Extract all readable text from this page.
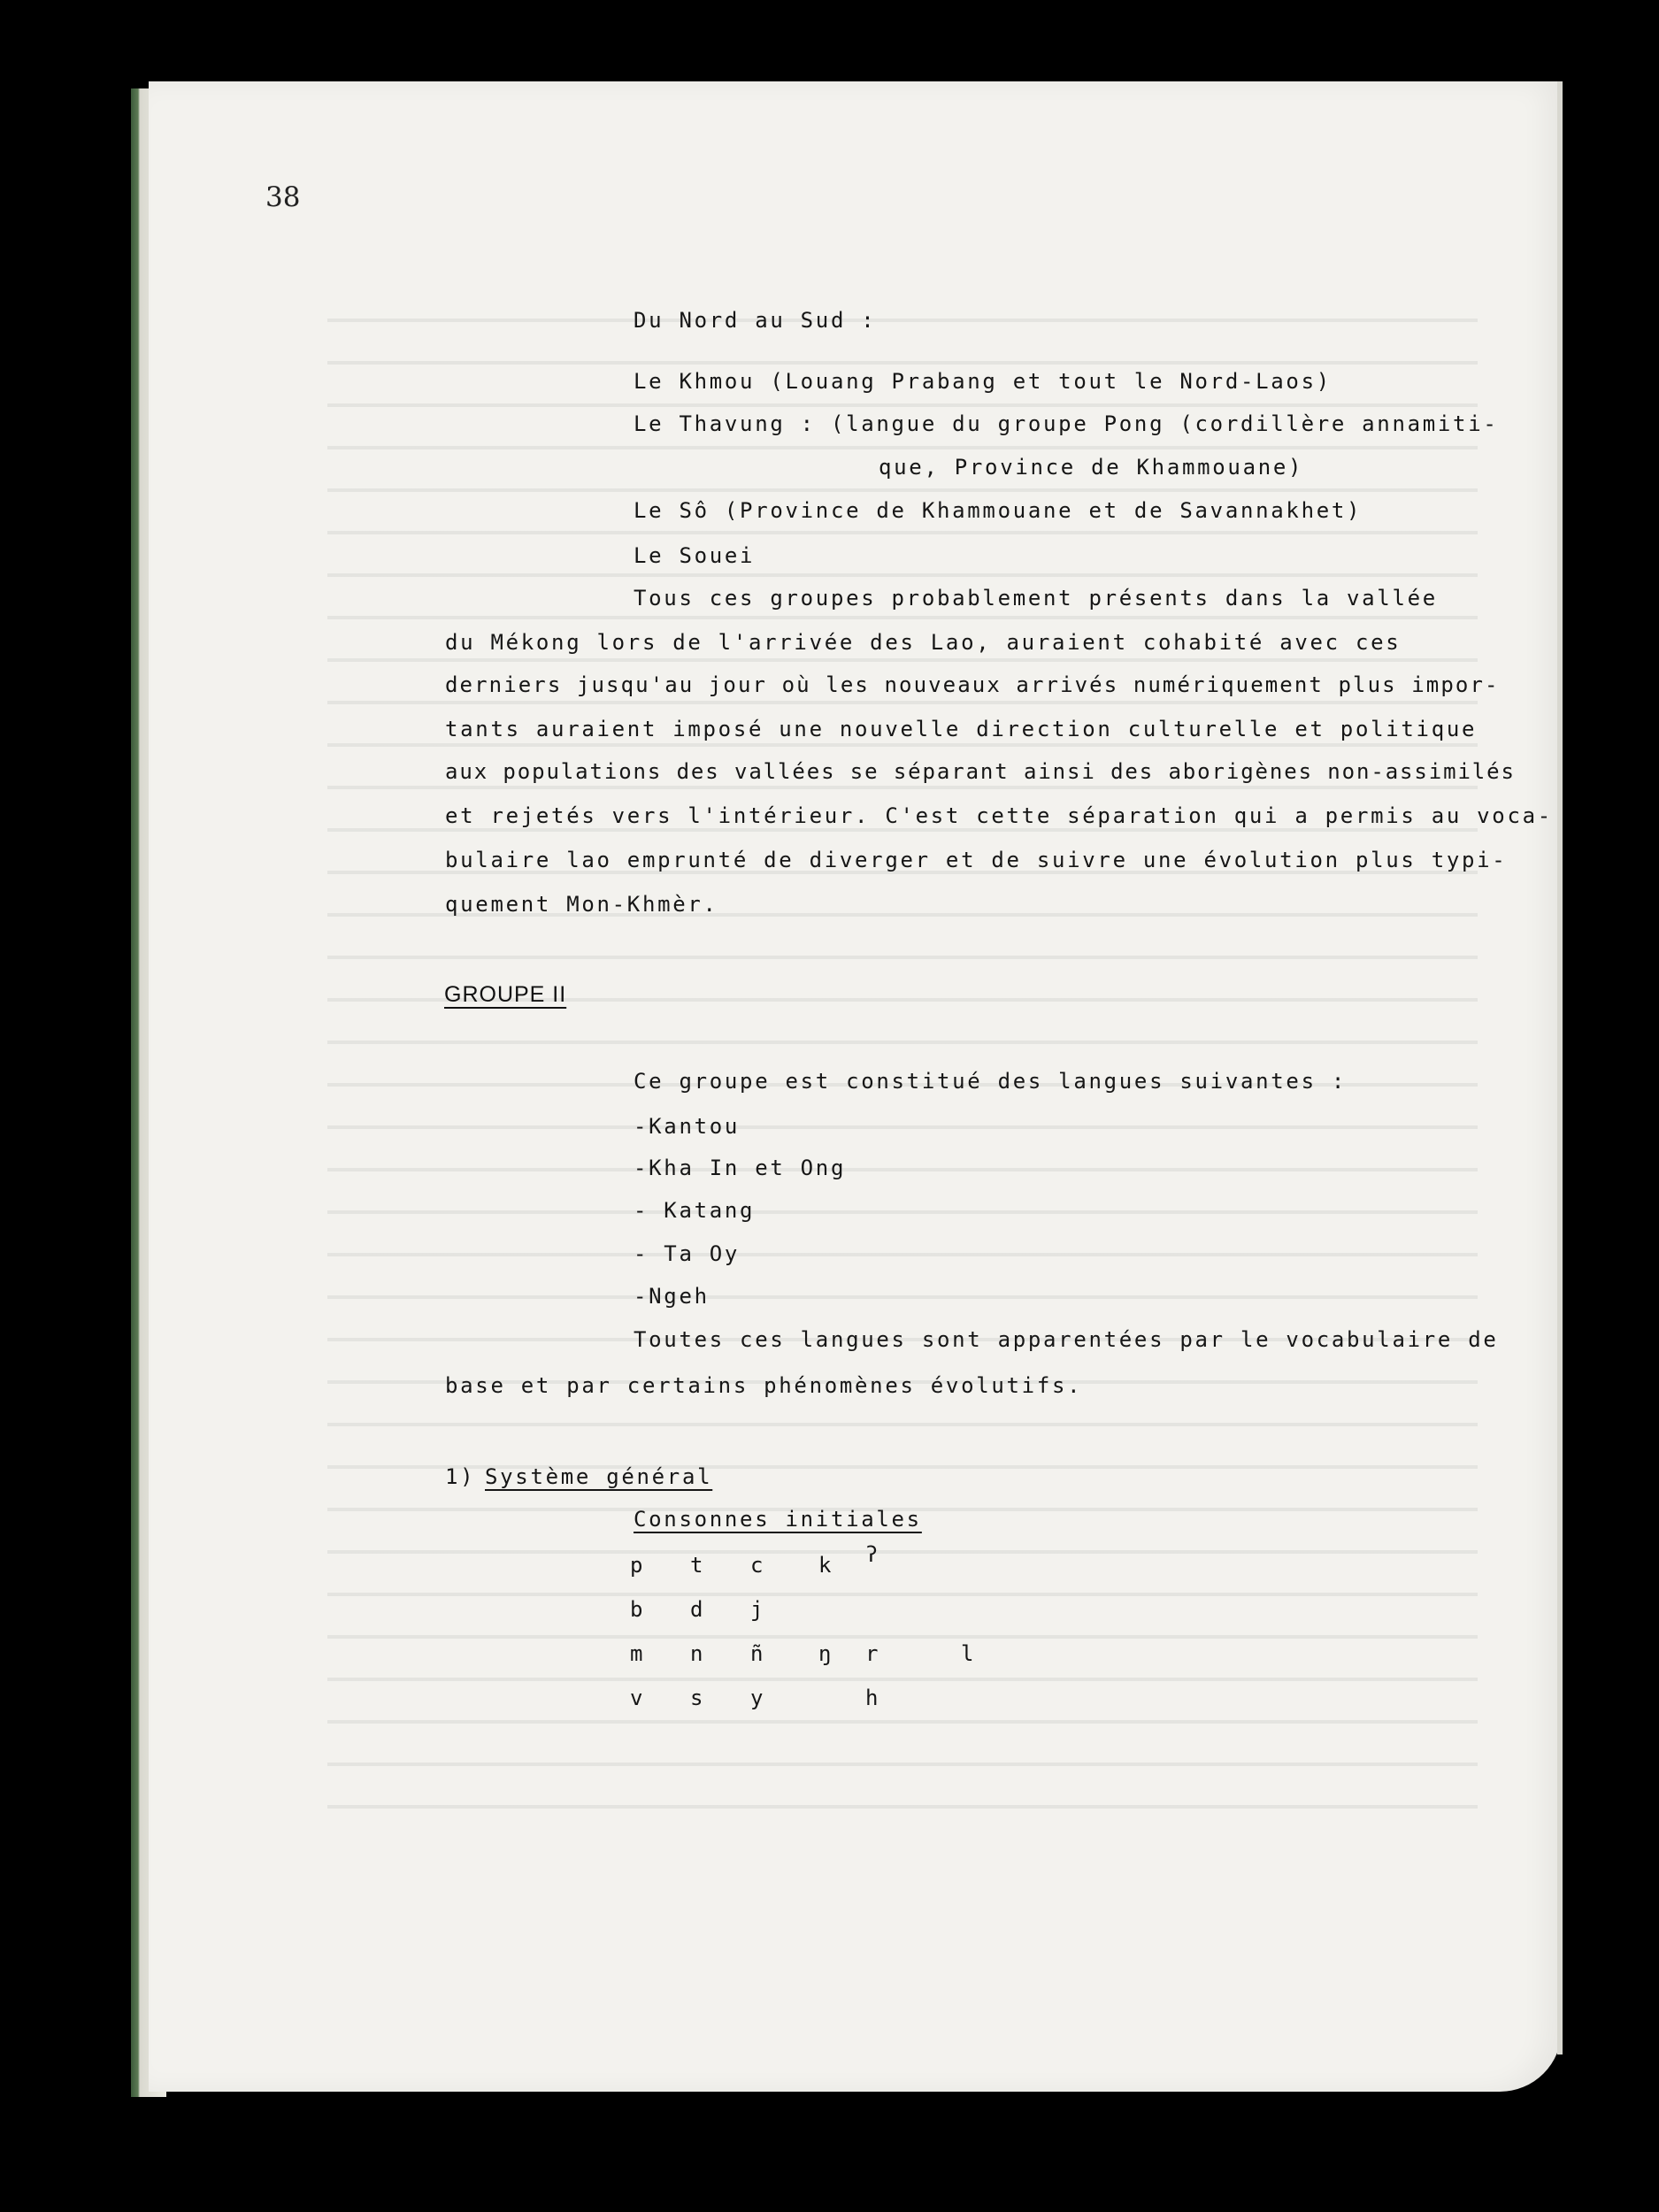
38
Du Nord au Sud :
Le Khmou (Louang Prabang et tout le Nord-Laos)
Le Thavung : (langue du groupe Pong (cordillère annamiti-
que, Province de Khammouane)
Le Sô (Province de Khammouane et de Savannakhet)
Le Souei
Tous ces groupes probablement présents dans la vallée
du Mékong lors de l'arrivée des Lao, auraient cohabité avec ces
derniers jusqu'au jour où les nouveaux arrivés numériquement plus impor-
tants auraient imposé une nouvelle direction culturelle et politique
aux populations des vallées se séparant ainsi des aborigènes non-assimilés
et rejetés vers l'intérieur. C'est cette séparation qui a permis au voca-
bulaire lao emprunté de diverger et de suivre une évolution plus typi-
quement Mon-Khmèr.
GROUPE II
Ce groupe est constitué des langues suivantes :
-Kantou
-Kha In et Ong
- Katang
- Ta Oy
-Ngeh
Toutes ces langues sont apparentées par le vocabulaire de
base et par certains phénomènes évolutifs.
1) Système général
Consonnes initiales
p t c k ʔ
b d j
m n ñ ŋ r	l
v s y	h
